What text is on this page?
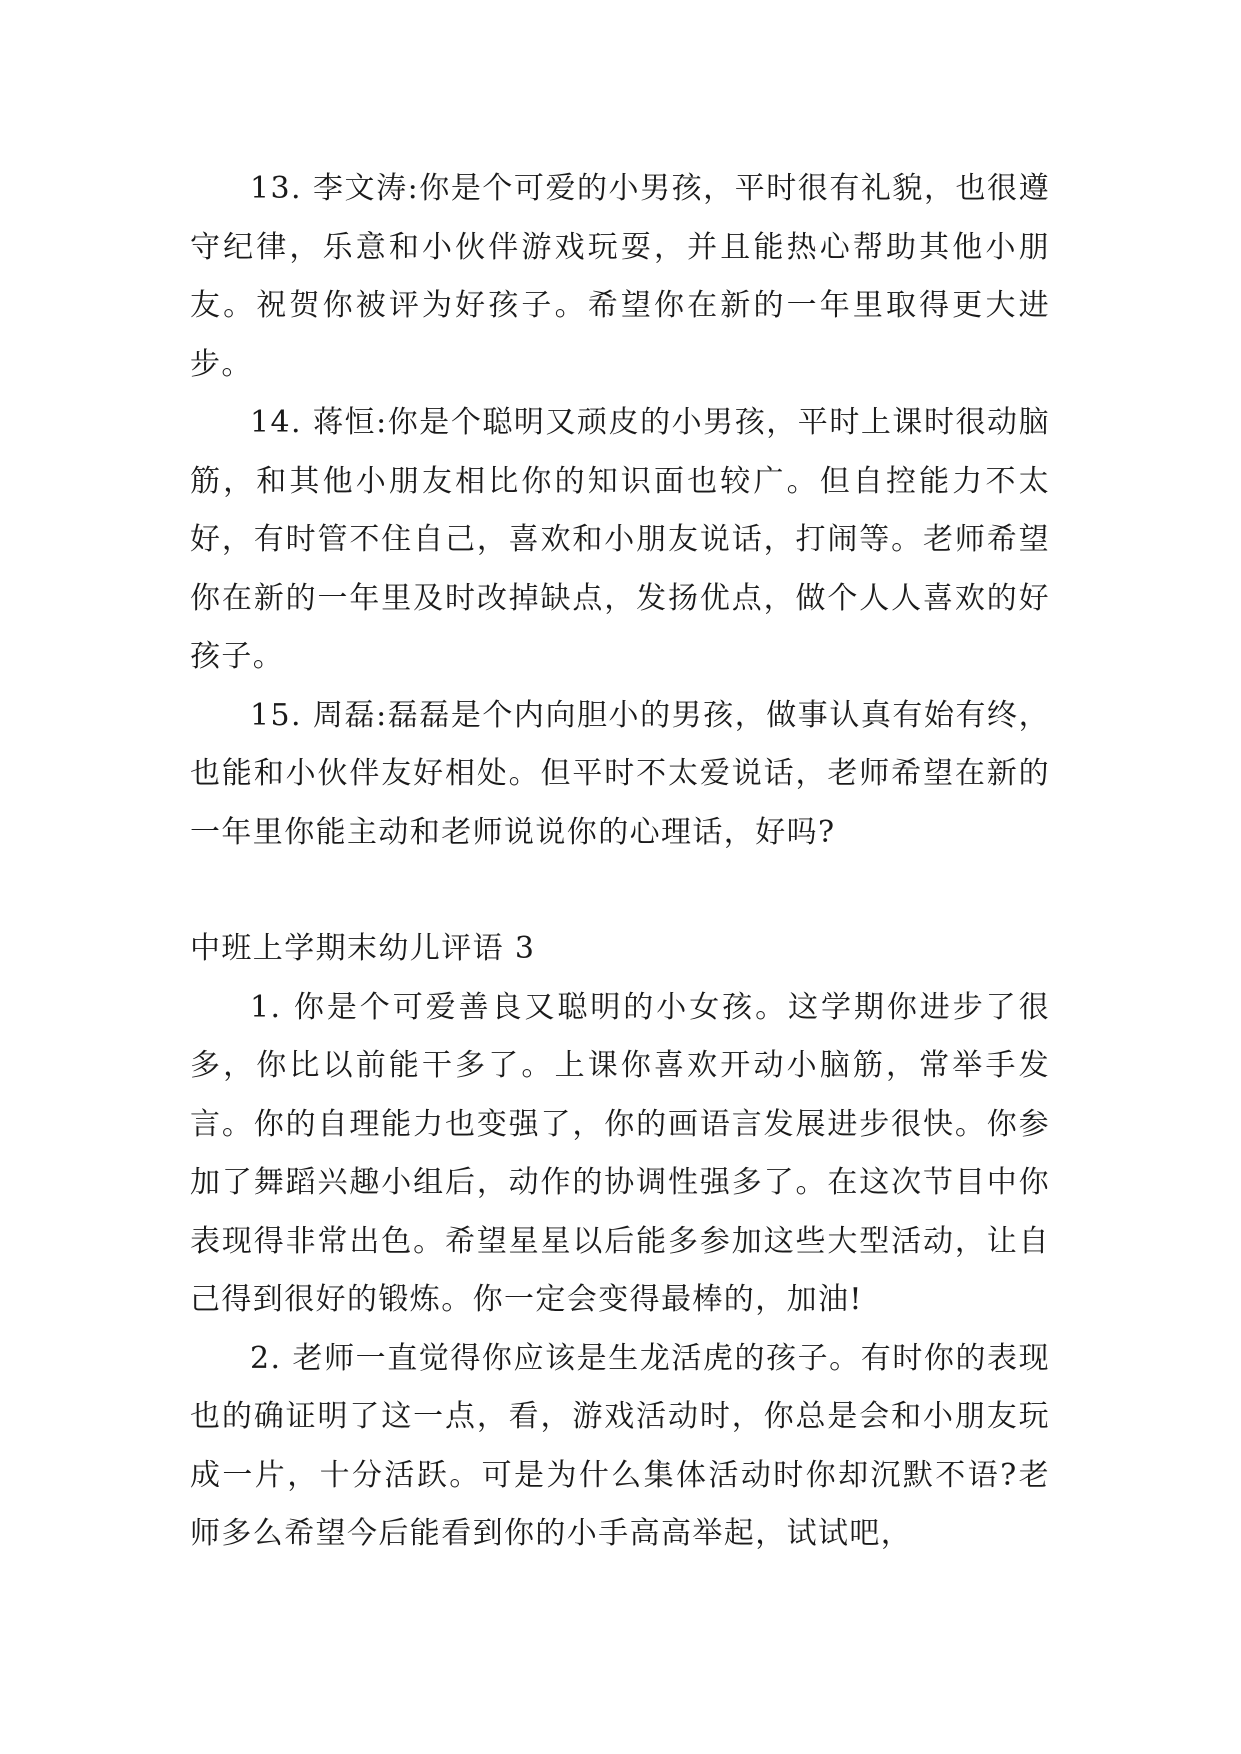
13. 李文涛:你是个可爱的小男孩，平时很有礼貌，也很遵守纪律，乐意和小伙伴游戏玩耍，并且能热心帮助其他小朋友。祝贺你被评为好孩子。希望你在新的一年里取得更大进步。

14. 蒋恒:你是个聪明又顽皮的小男孩，平时上课时很动脑筋，和其他小朋友相比你的知识面也较广。但自控能力不太好，有时管不住自己，喜欢和小朋友说话，打闹等。老师希望你在新的一年里及时改掉缺点，发扬优点，做个人人喜欢的好孩子。

15. 周磊:磊磊是个内向胆小的男孩，做事认真有始有终，也能和小伙伴友好相处。但平时不太爱说话，老师希望在新的一年里你能主动和老师说说你的心理话，好吗?

中班上学期末幼儿评语 3

1. 你是个可爱善良又聪明的小女孩。这学期你进步了很多，你比以前能干多了。上课你喜欢开动小脑筋，常举手发言。你的自理能力也变强了，你的画语言发展进步很快。你参加了舞蹈兴趣小组后，动作的协调性强多了。在这次节目中你表现得非常出色。希望星星以后能多参加这些大型活动，让自己得到很好的锻炼。你一定会变得最棒的，加油!

2. 老师一直觉得你应该是生龙活虎的孩子。有时你的表现也的确证明了这一点，看，游戏活动时，你总是会和小朋友玩成一片，十分活跃。可是为什么集体活动时你却沉默不语?老师多么希望今后能看到你的小手高高举起，试试吧，
